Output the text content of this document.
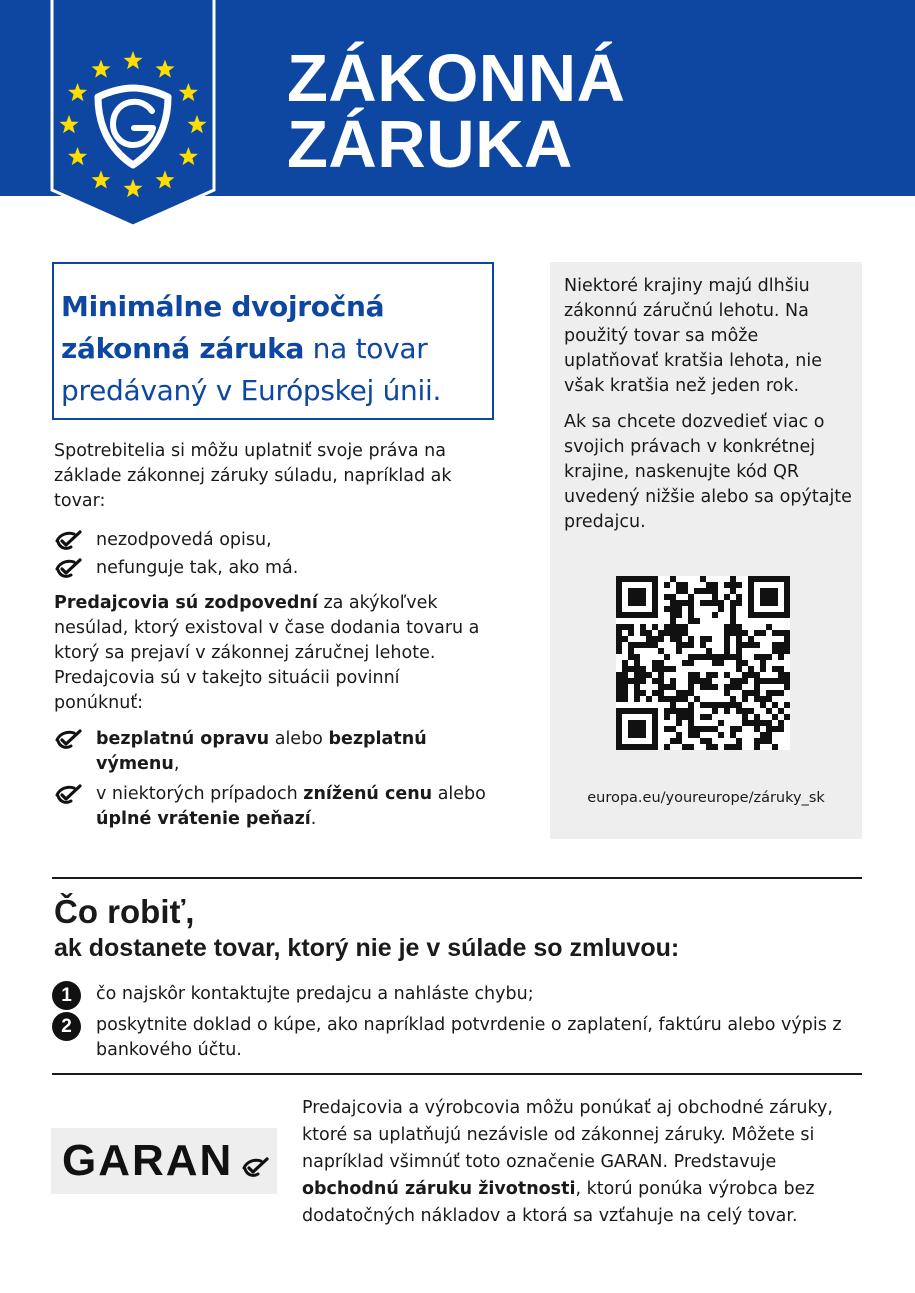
ZÁKONNÁ
ZÁRUKA

Minimálne dvojročná zákonná záruka na tovar predávaný v Európskej únii.

Spotrebitelia si môžu uplatniť svoje práva na základe zákonnej záruky súladu, napríklad ak tovar:

nezodpovedá opisu,
nefunguje tak, ako má.

Predajcovia sú zodpovední za akýkoľvek nesúlad, ktorý existoval v čase dodania tovaru a ktorý sa prejaví v zákonnej záručnej lehote. Predajcovia sú v takejto situácii povinní ponúknuť:

bezplatnú opravu alebo bezplatnú výmenu,
v niektorých prípadoch zníženú cenu alebo úplné vrátenie peňazí.

Niektoré krajiny majú dlhšiu zákonnú záručnú lehotu. Na použitý tovar sa môže uplatňovať kratšia lehota, nie však kratšia než jeden rok.

Ak sa chcete dozvedieť viac o svojich právach v konkrétnej krajine, naskenujte kód QR uvedený nižšie alebo sa opýtajte predajcu.

europa.eu/youreurope/záruky_sk
Čo robiť,
ak dostanete tovar, ktorý nie je v súlade so zmluvou:
1	čo najskôr kontaktujte predajcu a nahláste chybu;
2	poskytnite doklad o kúpe, ako napríklad potvrdenie o zaplatení, faktúru alebo výpis z bankového účtu.
GARAN

Predajcovia a výrobcovia môžu ponúkať aj obchodné záruky, ktoré sa uplatňujú nezávisle od zákonnej záruky. Môžete si napríklad všimnúť toto označenie GARAN. Predstavuje obchodnú záruku životnosti, ktorú ponúka výrobca bez dodatočných nákladov a ktorá sa vzťahuje na celý tovar.
